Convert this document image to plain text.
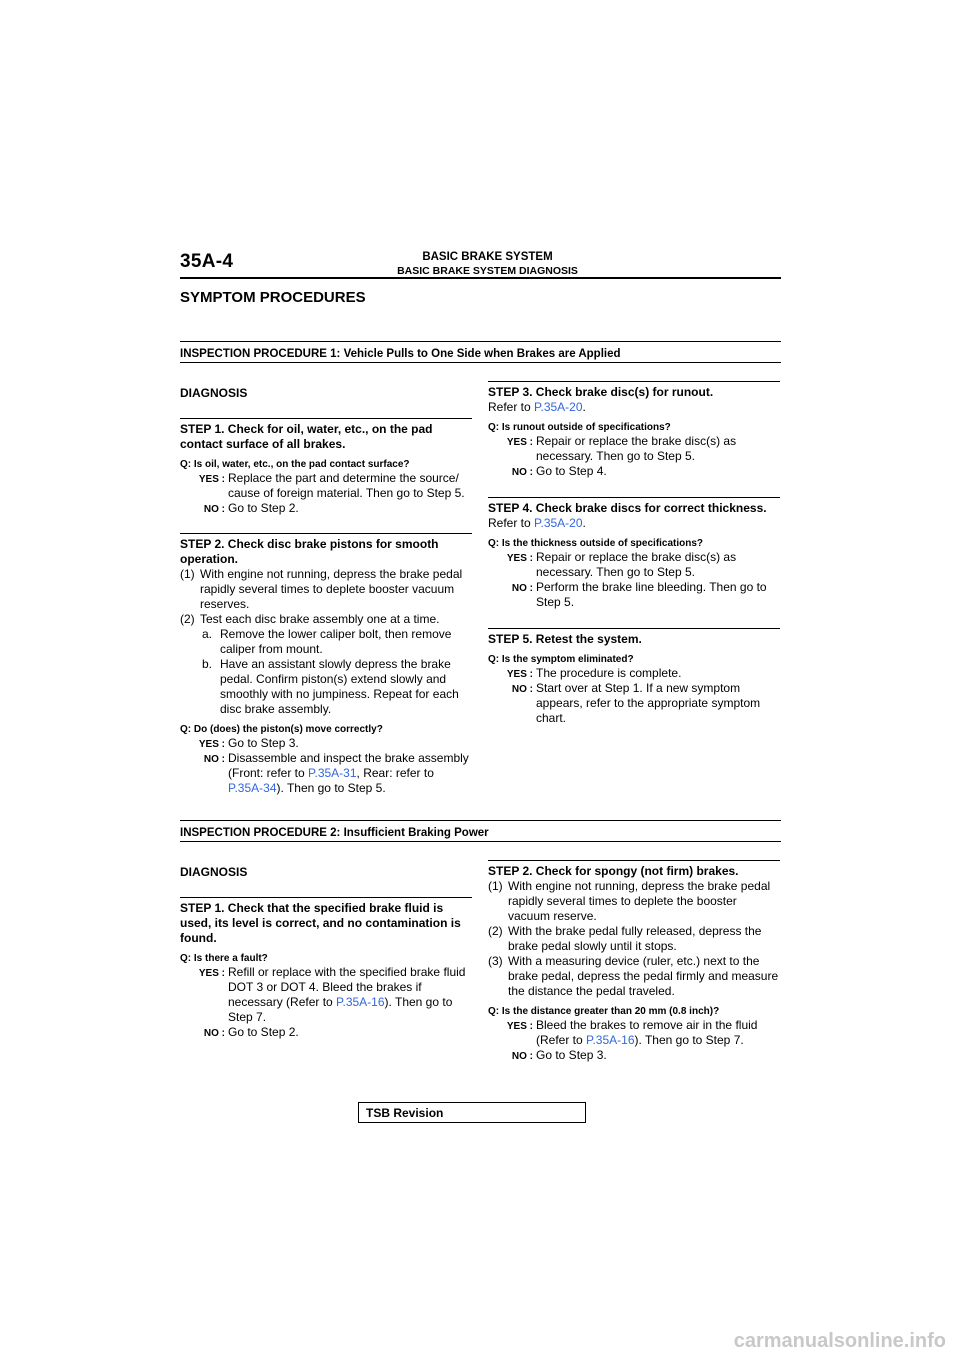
35A-4	BASIC BRAKE SYSTEM
BASIC BRAKE SYSTEM DIAGNOSIS
SYMPTOM PROCEDURES
INSPECTION PROCEDURE 1: Vehicle Pulls to One Side when Brakes are Applied
DIAGNOSIS
STEP 1. Check for oil, water, etc., on the pad contact surface of all brakes.
Q: Is oil, water, etc., on the pad contact surface?
YES : Replace the part and determine the source/ cause of foreign material. Then go to Step 5.
NO : Go to Step 2.
STEP 2. Check disc brake pistons for smooth operation.
(1) With engine not running, depress the brake pedal rapidly several times to deplete booster vacuum reserves.
(2) Test each disc brake assembly one at a time.
a. Remove the lower caliper bolt, then remove caliper from mount.
b. Have an assistant slowly depress the brake pedal. Confirm piston(s) extend slowly and smoothly with no jumpiness. Repeat for each disc brake assembly.
Q: Do (does) the piston(s) move correctly?
YES : Go to Step 3.
NO : Disassemble and inspect the brake assembly (Front: refer to P.35A-31, Rear: refer to P.35A-34). Then go to Step 5.
STEP 3. Check brake disc(s) for runout.
Refer to P.35A-20.
Q: Is runout outside of specifications?
YES : Repair or replace the brake disc(s) as necessary. Then go to Step 5.
NO : Go to Step 4.
STEP 4. Check brake discs for correct thickness.
Refer to P.35A-20.
Q: Is the thickness outside of specifications?
YES : Repair or replace the brake disc(s) as necessary. Then go to Step 5.
NO : Perform the brake line bleeding. Then go to Step 5.
STEP 5. Retest the system.
Q: Is the symptom eliminated?
YES : The procedure is complete.
NO : Start over at Step 1. If a new symptom appears, refer to the appropriate symptom chart.
INSPECTION PROCEDURE 2: Insufficient Braking Power
DIAGNOSIS
STEP 1. Check that the specified brake fluid is used, its level is correct, and no contamination is found.
Q: Is there a fault?
YES : Refill or replace with the specified brake fluid DOT 3 or DOT 4. Bleed the brakes if necessary (Refer to P.35A-16). Then go to Step 7.
NO : Go to Step 2.
STEP 2. Check for spongy (not firm) brakes.
(1) With engine not running, depress the brake pedal rapidly several times to deplete the booster vacuum reserve.
(2) With the brake pedal fully released, depress the brake pedal slowly until it stops.
(3) With a measuring device (ruler, etc.) next to the brake pedal, depress the pedal firmly and measure the distance the pedal traveled.
Q: Is the distance greater than 20 mm (0.8 inch)?
YES : Bleed the brakes to remove air in the fluid (Refer to P.35A-16). Then go to Step 7.
NO : Go to Step 3.
TSB Revision
carmanualsonline.info
